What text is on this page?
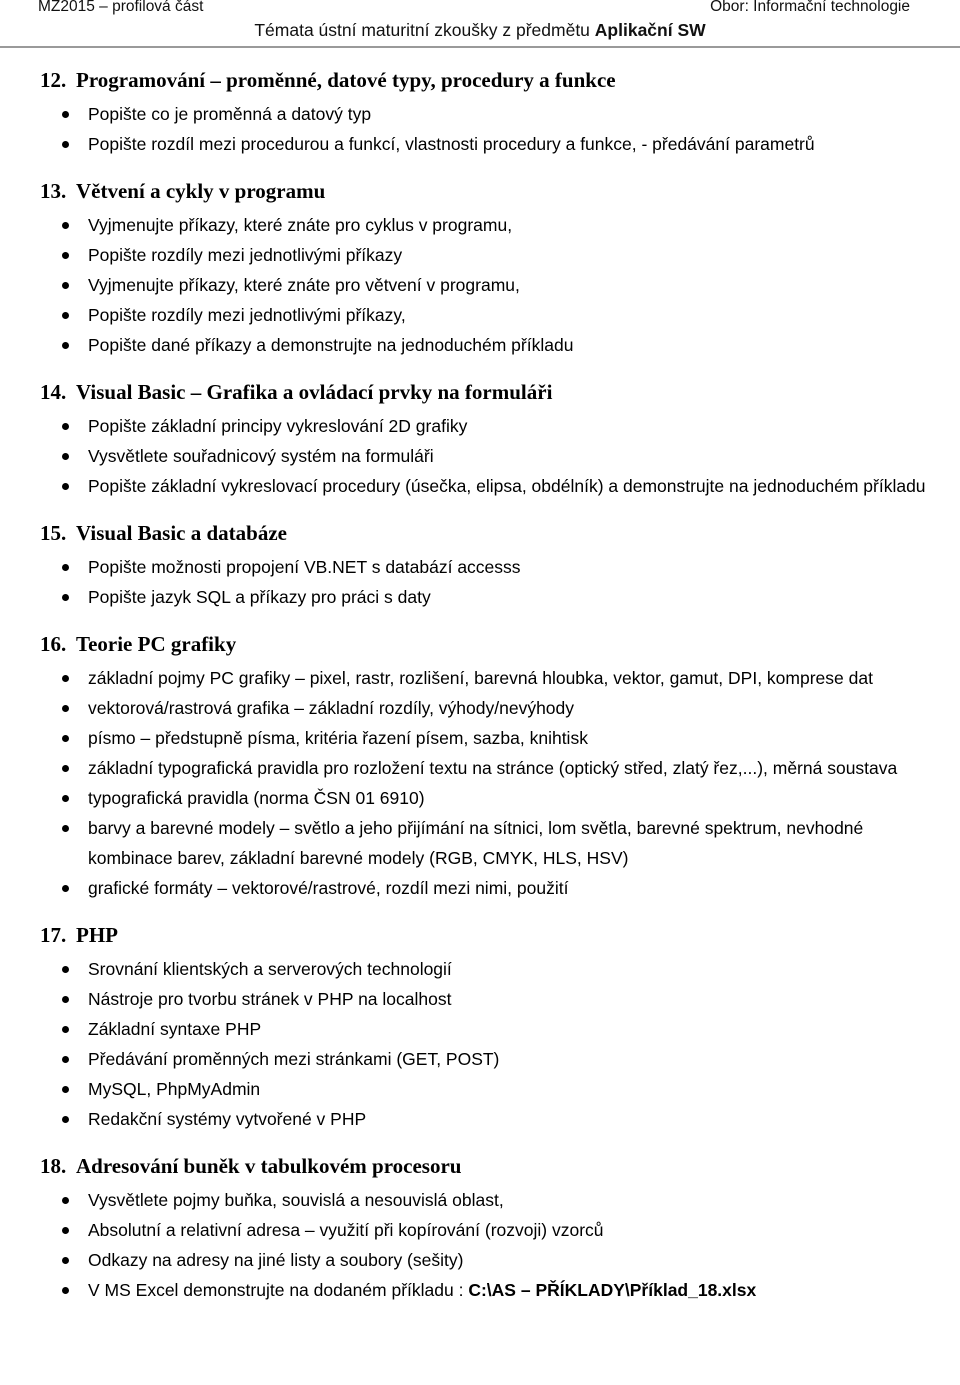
MZ2015 – profilová část	Obor: Informační technologie
Témata ústní maturitní zkoušky z předmětu Aplikační SW
12. Programování – proměnné, datové typy, procedury a funkce
Popište co je proměnná a datový typ
Popište rozdíl mezi procedurou a funkcí, vlastnosti procedury a funkce, - předávání parametrů
13. Větvení a cykly v programu
Vyjmenujte příkazy, které znáte pro cyklus v programu,
Popište rozdíly mezi jednotlivými příkazy
Vyjmenujte příkazy, které znáte pro větvení v programu,
Popište rozdíly mezi jednotlivými příkazy,
Popište dané příkazy a demonstrujte na jednoduchém příkladu
14. Visual Basic – Grafika a ovládací prvky na formuláři
Popište základní principy vykreslování 2D grafiky
Vysvětlete souřadnicový systém na formuláři
Popište základní vykreslovací procedury (úsečka, elipsa, obdélník) a demonstrujte na jednoduchém příkladu
15. Visual Basic a databáze
Popište možnosti propojení VB.NET s databází accesss
Popište jazyk SQL a příkazy pro práci s daty
16. Teorie PC grafiky
základní pojmy PC grafiky – pixel, rastr, rozlišení, barevná hloubka, vektor, gamut, DPI, komprese dat
vektorová/rastrová grafika – základní rozdíly, výhody/nevýhody
písmo – předstupně písma, kritéria řazení písem, sazba, knihtisk
základní typografická pravidla pro rozložení textu na stránce (optický střed, zlatý řez,...), měrná soustava
typografická pravidla (norma ČSN 01 6910)
barvy a barevné modely – světlo a jeho přijímání na sítnici, lom světla, barevné spektrum, nevhodné kombinace barev, základní barevné modely (RGB, CMYK, HLS, HSV)
grafické formáty – vektorové/rastrové, rozdíl mezi nimi, použití
17. PHP
Srovnání klientských a serverových technologií
Nástroje pro tvorbu stránek v PHP na localhost
Základní syntaxe PHP
Předávání proměnných mezi stránkami (GET, POST)
MySQL, PhpMyAdmin
Redakční systémy vytvořené v PHP
18. Adresování buněk v tabulkovém procesoru
Vysvětlete pojmy buňka, souvislá a nesouvislá oblast,
Absolutní a relativní adresa – využití při kopírování (rozvoji) vzorců
Odkazy na adresy na jiné listy a soubory (sešity)
V MS Excel demonstrujte na dodaném příkladu : C:\AS – PŘÍKLADY\Příklad_18.xlsx
